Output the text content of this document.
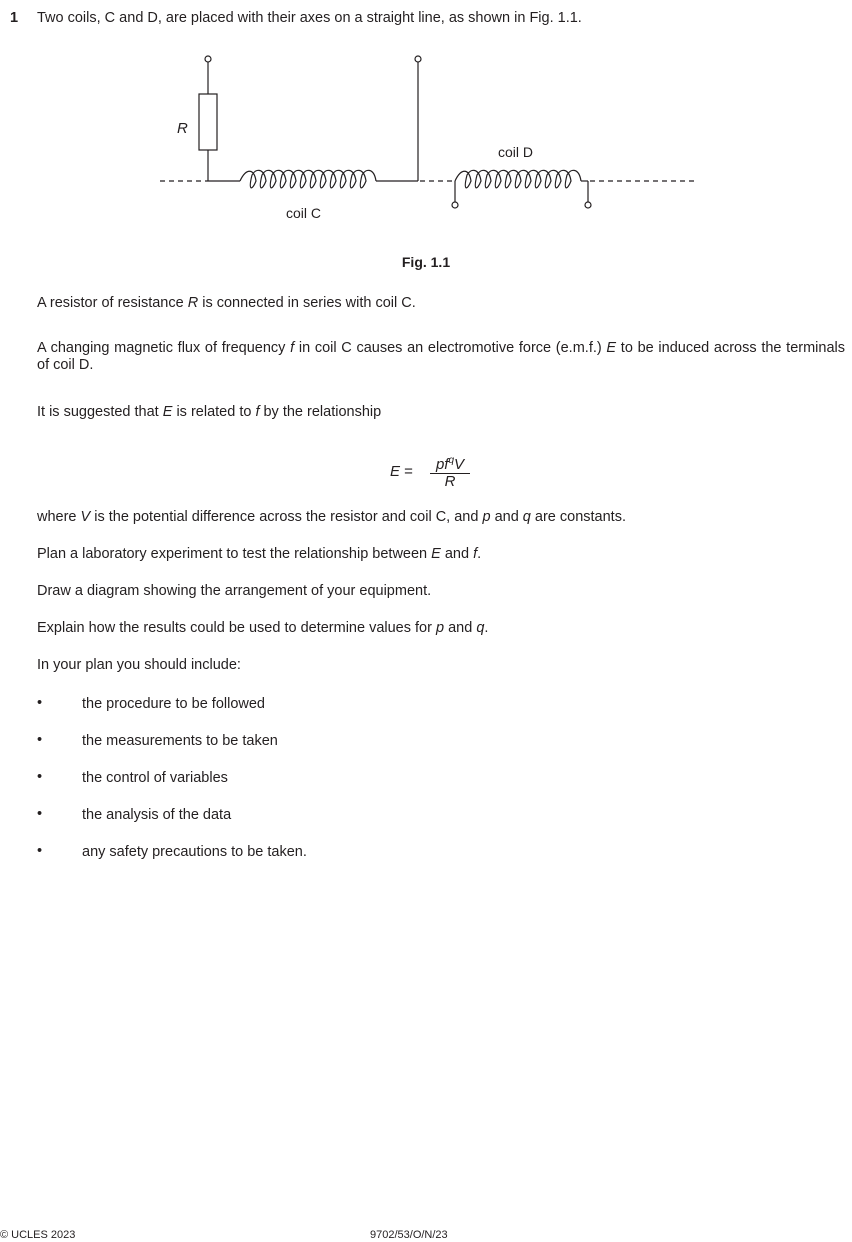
1 Two coils, C and D, are placed with their axes on a straight line, as shown in Fig. 1.1.
R
coil C
coil D
Fig. 1.1
A resistor of resistance R is connected in series with coil C.
A changing magnetic flux of frequency f in coil C causes an electromotive force (e.m.f.) E to be induced across the terminals of coil D.
It is suggested that E is related to f by the relationship
E =	$pf^qV$
R
where V is the potential difference across the resistor and coil C, and p and q are constants.
Plan a laboratory experiment to test the relationship between E and f.
Draw a diagram showing the arrangement of your equipment.
Explain how the results could be used to determine values for p and q.
In your plan you should include:
•	the procedure to be followed
•	the measurements to be taken
•	the control of variables
•	the analysis of the data
•	any safety precautions to be taken.
© UCLES 2023	9702/53/O/N/23
